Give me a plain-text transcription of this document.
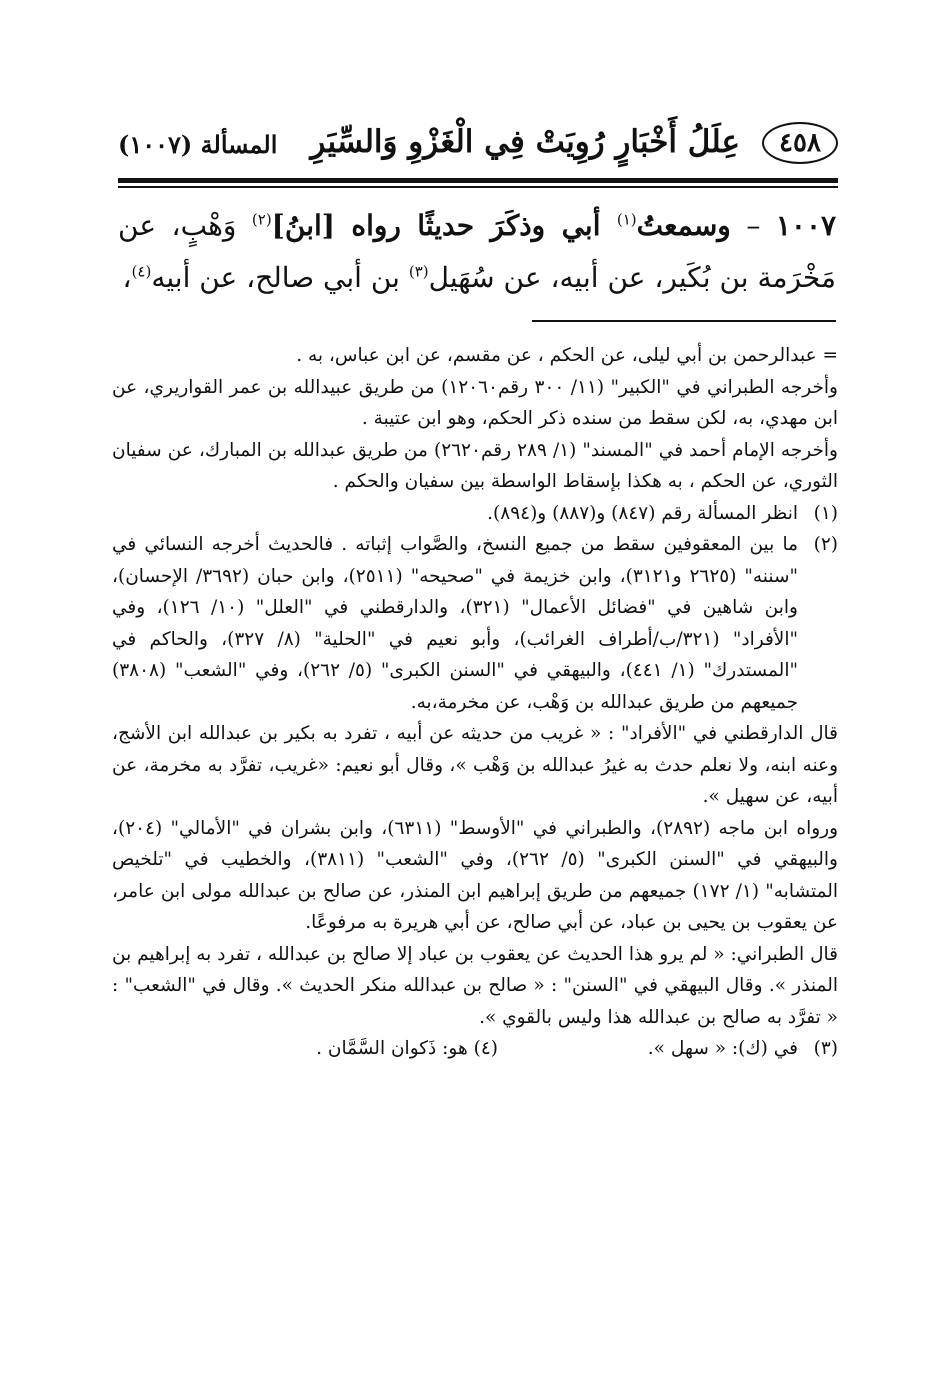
٤٥٨
عِلَلُ أَخْبَارٍ رُوِيَتْ فِي الْغَزْوِ وَالسِّيَرِ
المسألة (١٠٠٧)
١٠٠٧ – وسمعتُ$^{(١)}$ أبي وذكَرَ حديثًا رواه [ابنُ]$^{(٢)}$ وَهْبٍ، عن مَخْرَمة بن بُكَير، عن أبيه، عن سُهَيل$^{(٣)}$ بن أبي صالح، عن أبيه$^{(٤)}$،

= عبدالرحمن بن أبي ليلى، عن الحكم ، عن مقسم، عن ابن عباس، به .

وأخرجه الطبراني في "الكبير" (١١/ ٣٠٠ رقم١٢٠٦٠) من طريق عبيدالله بن عمر القواريري، عن ابن مهدي، به، لكن سقط من سنده ذكر الحكم، وهو ابن عتيبة .

وأخرجه الإمام أحمد في "المسند" (١/ ٢٨٩ رقم٢٦٢٠) من طريق عبدالله بن المبارك، عن سفيان الثوري، عن الحكم ، به هكذا بإسقاط الواسطة بين سفيان والحكم .

(١)
انظر المسألة رقم (٨٤٧) و(٨٨٧) و(٨٩٤).
(٢)
ما بين المعقوفين سقط من جميع النسخ، والصَّواب إثباته . فالحديث أخرجه النسائي في "سننه" (٢٦٢٥ و٣١٢١)، وابن خزيمة في "صحيحه" (٢٥١١)، وابن حبان (٣٦٩٢/ الإحسان)، وابن شاهين في "فضائل الأعمال" (٣٢١)، والدارقطني في "العلل" (١٠/ ١٢٦)، وفي "الأفراد" (٣٢١/ب/أطراف الغرائب)، وأبو نعيم في "الحلية" (٨/ ٣٢٧)، والحاكم في "المستدرك" (١/ ٤٤١)، والبيهقي في "السنن الكبرى" (٥/ ٢٦٢)، وفي "الشعب" (٣٨٠٨) جميعهم من طريق عبدالله بن وَهْب، عن مخرمة،به.

قال الدارقطني في "الأفراد" : « غريب من حديثه عن أبيه ، تفرد به بكير بن عبدالله ابن الأشج، وعنه ابنه، ولا نعلم حدث به غيرُ عبدالله بن وَهْب »، وقال أبو نعيم: «غريب، تفرَّد به مخرمة، عن أبيه، عن سهيل ».

ورواه ابن ماجه (٢٨٩٢)، والطبراني في "الأوسط" (٦٣١١)، وابن بشران في "الأمالي" (٢٠٤)، والبيهقي في "السنن الكبرى" (٥/ ٢٦٢)، وفي "الشعب" (٣٨١١)، والخطيب في "تلخيص المتشابه" (١/ ١٧٢) جميعهم من طريق إبراهيم ابن المنذر، عن صالح بن عبدالله مولى ابن عامر، عن يعقوب بن يحيى بن عباد، عن أبي صالح، عن أبي هريرة به مرفوعًا.

قال الطبراني: « لم يرو هذا الحديث عن يعقوب بن عباد إلا صالح بن عبدالله ، تفرد به إبراهيم بن المنذر ». وقال البيهقي في "السنن" : « صالح بن عبدالله منكر الحديث ». وقال في "الشعب" : « تفرَّد به صالح بن عبدالله هذا وليس بالقوي ».

(٣)
في (ك): « سهل ».
(٤) هو: ذَكوان السَّمَّان .
